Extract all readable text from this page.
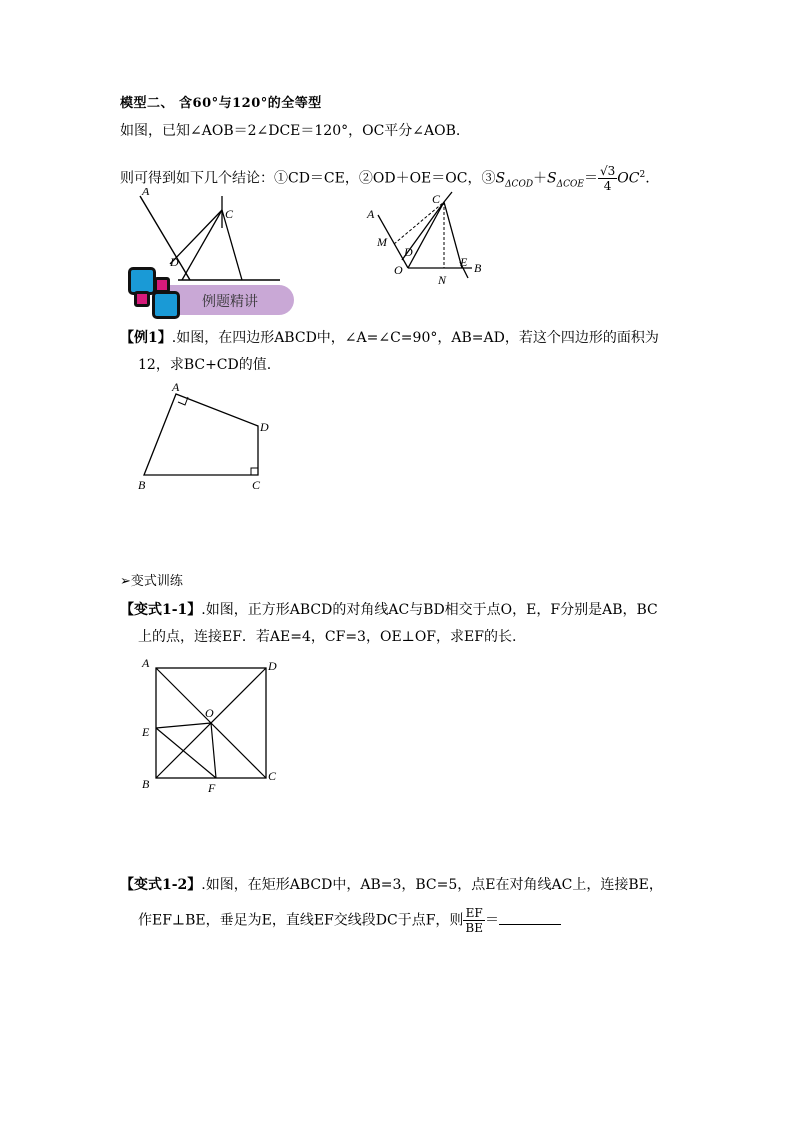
模型二、 含60°与120°的全等型
如图，已知∠AOB＝2∠DCE＝120°，OC平分∠AOB.
则可得到如下几个结论：①CD＝CE，②OD＋OE＝OC，$③S_{\Delta COD}+S_{\Delta COE}= \frac{√3}{4} OC^2$.
A
C
D
例题精讲
A
C
M
D
O
N
E B
【例1】.如图，在四边形ABCD中，∠A=∠C=90°，AB=AD，若这个四边形的面积为
12，求BC+CD的值.
A
D
B	C
➢变式训练
【变式1-1】.如图，正方形ABCD的对角线AC与BD相交于点O，E，F分别是AB，BC
上的点，连接EF．若AE=4，CF=3，OE⊥OF，求EF的长.
A	D
E
O
B	F
C
【变式1-2】.如图，在矩形ABCD中，AB=3，BC=5，点E在对角线AC上，连接BE，
作EF⊥BE，垂足为E，直线EF交线段DC于点F，则 $\frac{EF}{BE}$ ＝
